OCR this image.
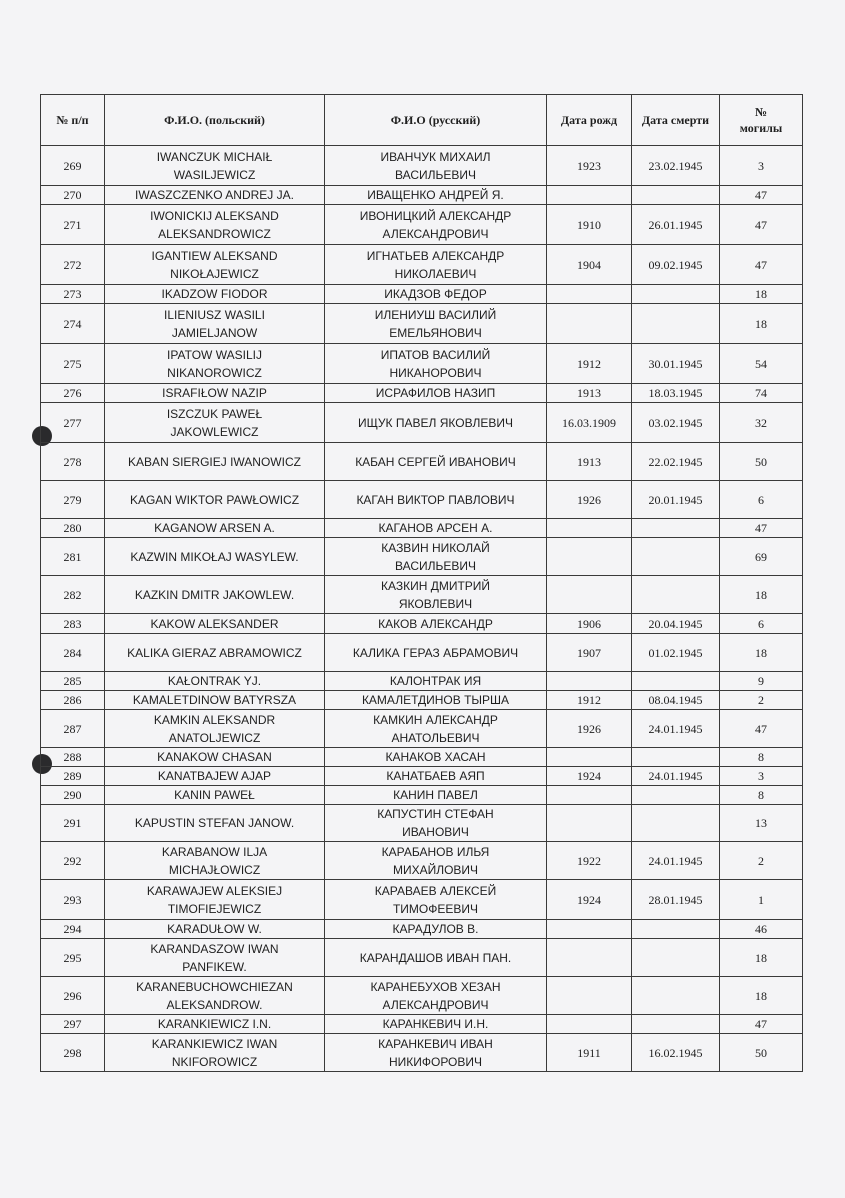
№ п/п	Ф.И.О. (польский)	Ф.И.О (русский)	Дата рожд	Дата смерти	№
могилы
269	IWANCZUK MICHAIŁ
WASILJEWICZ	ИВАНЧУК МИХАИЛ
ВАСИЛЬЕВИЧ	1923	23.02.1945	3
270	IWASZCZENKO ANDREJ JA.	ИВАЩЕНКО АНДРЕЙ Я.			47
271	IWONICKIJ ALEKSAND
ALEKSANDROWICZ	ИВОНИЦКИЙ АЛЕКСАНДР
АЛЕКСАНДРОВИЧ	1910	26.01.1945	47
272	IGANTIEW ALEKSAND
NIKOŁAJEWICZ	ИГНАТЬЕВ АЛЕКСАНДР
НИКОЛАЕВИЧ	1904	09.02.1945	47
273	IKADZOW FIODOR	ИКАДЗОВ ФЕДОР			18
274	ILIENIUSZ WASILI
JAMIELJANOW	ИЛЕНИУШ ВАСИЛИЙ
ЕМЕЛЬЯНОВИЧ			18
275	IPATOW WASILIJ
NIKANOROWICZ	ИПАТОВ ВАСИЛИЙ
НИКАНОРОВИЧ	1912	30.01.1945	54
276	ISRAFIŁOW NAZIP	ИСРАФИЛОВ НАЗИП	1913	18.03.1945	74
277	ISZCZUK PAWEŁ
JAKOWLEWICZ	ИЩУК ПАВЕЛ ЯКОВЛЕВИЧ	16.03.1909	03.02.1945	32
278	KABAN SIERGIEJ IWANOWICZ	КАБАН СЕРГЕЙ ИВАНОВИЧ	1913	22.02.1945	50
279	KAGAN WIKTOR PAWŁOWICZ	КАГАН ВИКТОР ПАВЛОВИЧ	1926	20.01.1945	6
280	KAGANOW ARSEN A.	КАГАНОВ АРСЕН А.			47
281	KAZWIN MIKOŁAJ WASYLEW.	КАЗВИН НИКОЛАЙ
ВАСИЛЬЕВИЧ			69
282	KAZKIN DMITR JAKOWLEW.	КАЗКИН ДМИТРИЙ
ЯКОВЛЕВИЧ			18
283	KAKOW ALEKSANDER	КАКОВ АЛЕКСАНДР	1906	20.04.1945	6
284	KALIKA GIERAZ ABRAMOWICZ	КАЛИКА ГЕРАЗ АБРАМОВИЧ	1907	01.02.1945	18
285	KAŁONTRAK YJ.	КАЛОНТРАК ИЯ			9
286	KAMALETDINOW BATYRSZA	КАМАЛЕТДИНОВ ТЫРША	1912	08.04.1945	2
287	KAMKIN ALEKSANDR
ANATOLJEWICZ	КАМКИН АЛЕКСАНДР
АНАТОЛЬЕВИЧ	1926	24.01.1945	47
288	KANAKOW CHASAN	КАНАКОВ ХАСАН			8
289	KANATBAJEW AJAP	КАНАТБАЕВ АЯП	1924	24.01.1945	3
290	KANIN PAWEŁ	КАНИН ПАВЕЛ			8
291	KAPUSTIN STEFAN JANOW.	КАПУСТИН СТЕФАН
ИВАНОВИЧ			13
292	KARABANOW ILJA
MICHAJŁOWICZ	КАРАБАНОВ ИЛЬЯ
МИХАЙЛОВИЧ	1922	24.01.1945	2
293	KARAWAJEW ALEKSIEJ
TIMOFIEJEWICZ	КАРАВАЕВ АЛЕКСЕЙ
ТИМОФЕЕВИЧ	1924	28.01.1945	1
294	KARADUŁOW W.	КАРАДУЛОВ В.			46
295	KARANDASZOW IWAN
PANFIKEW.	КАРАНДАШОВ ИВАН ПАН.			18
296	KARANEBUCHOWCHIEZAN
ALEKSANDROW.	КАРАНЕБУХОВ ХЕЗАН
АЛЕКСАНДРОВИЧ			18
297	KARANKIEWICZ I.N.	КАРАНКЕВИЧ И.Н.			47
298	KARANKIEWICZ IWAN
NKIFOROWICZ	КАРАНКЕВИЧ ИВАН
НИКИФОРОВИЧ	1911	16.02.1945	50
